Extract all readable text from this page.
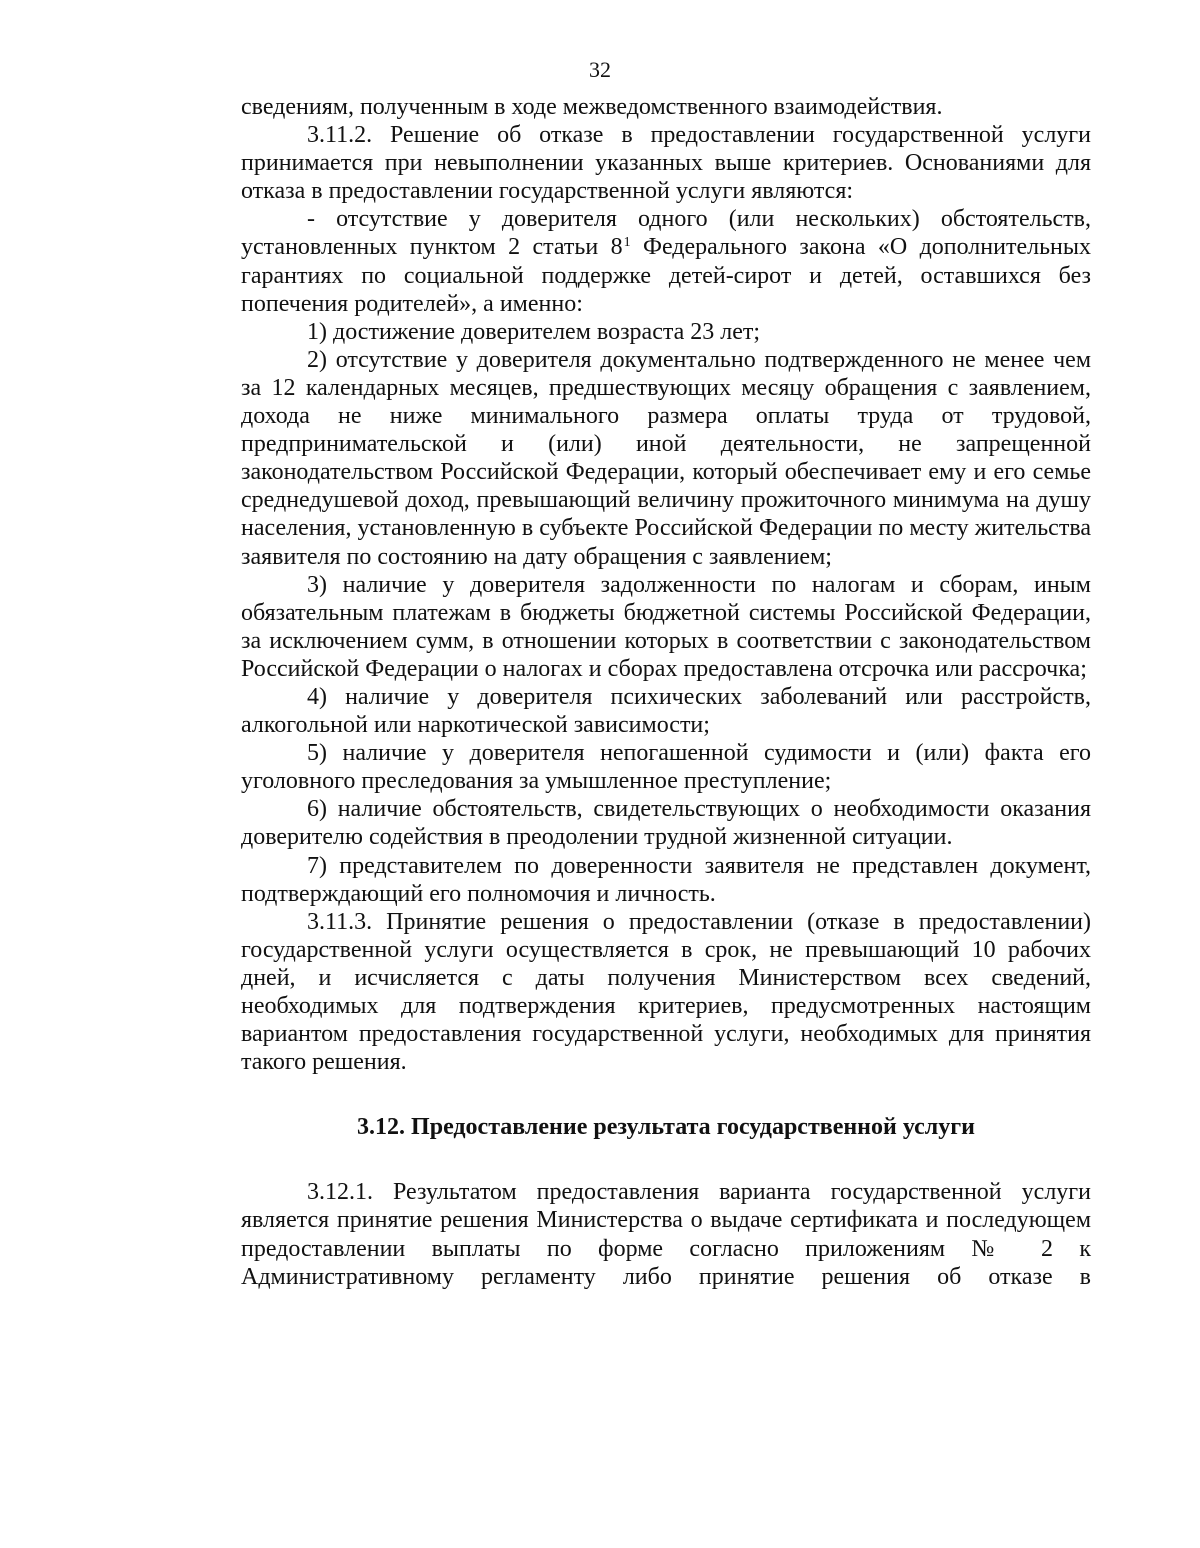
32

сведениям, полученным в ходе межведомственного взаимодействия.

3.11.2. Решение об отказе в предоставлении государственной услуги принимается при невыполнении указанных выше критериев. Основаниями для отказа в предоставлении государственной услуги являются:

- отсутствие у доверителя одного (или нескольких) обстоятельств, установленных пунктом 2 статьи $8^1$ Федерального закона «О дополнительных гарантиях по социальной поддержке детей-сирот и детей, оставшихся без попечения родителей», а именно:

1) достижение доверителем возраста 23 лет;

2) отсутствие у доверителя документально подтвержденного не менее чем за 12 календарных месяцев, предшествующих месяцу обращения с заявлением, дохода не ниже минимального размера оплаты труда от трудовой, предпринимательской и (или) иной деятельности, не запрещенной законодательством Российской Федерации, который обеспечивает ему и его семье среднедушевой доход, превышающий величину прожиточного минимума на душу населения, установленную в субъекте Российской Федерации по месту жительства заявителя по состоянию на дату обращения с заявлением;

3) наличие у доверителя задолженности по налогам и сборам, иным обязательным платежам в бюджеты бюджетной системы Российской Федерации, за исключением сумм, в отношении которых в соответствии с законодательством Российской Федерации о налогах и сборах предоставлена отсрочка или рассрочка;

4) наличие у доверителя психических заболеваний или расстройств, алкогольной или наркотической зависимости;

5) наличие у доверителя непогашенной судимости и (или) факта его уголовного преследования за умышленное преступление;

6) наличие обстоятельств, свидетельствующих о необходимости оказания доверителю содействия в преодолении трудной жизненной ситуации.

7) представителем по доверенности заявителя не представлен документ, подтверждающий его полномочия и личность.

3.11.3. Принятие решения о предоставлении (отказе в предоставлении) государственной услуги осуществляется в срок, не превышающий 10 рабочих дней, и исчисляется с даты получения Министерством всех сведений, необходимых для подтверждения критериев, предусмотренных настоящим вариантом предоставления государственной услуги, необходимых для принятия такого решения.

3.12. Предоставление результата государственной услуги

3.12.1. Результатом предоставления варианта государственной услуги является принятие решения Министерства о выдаче сертификата и последующем предоставлении выплаты по форме согласно приложениям № 2 к Административному регламенту либо принятие решения об отказе в
